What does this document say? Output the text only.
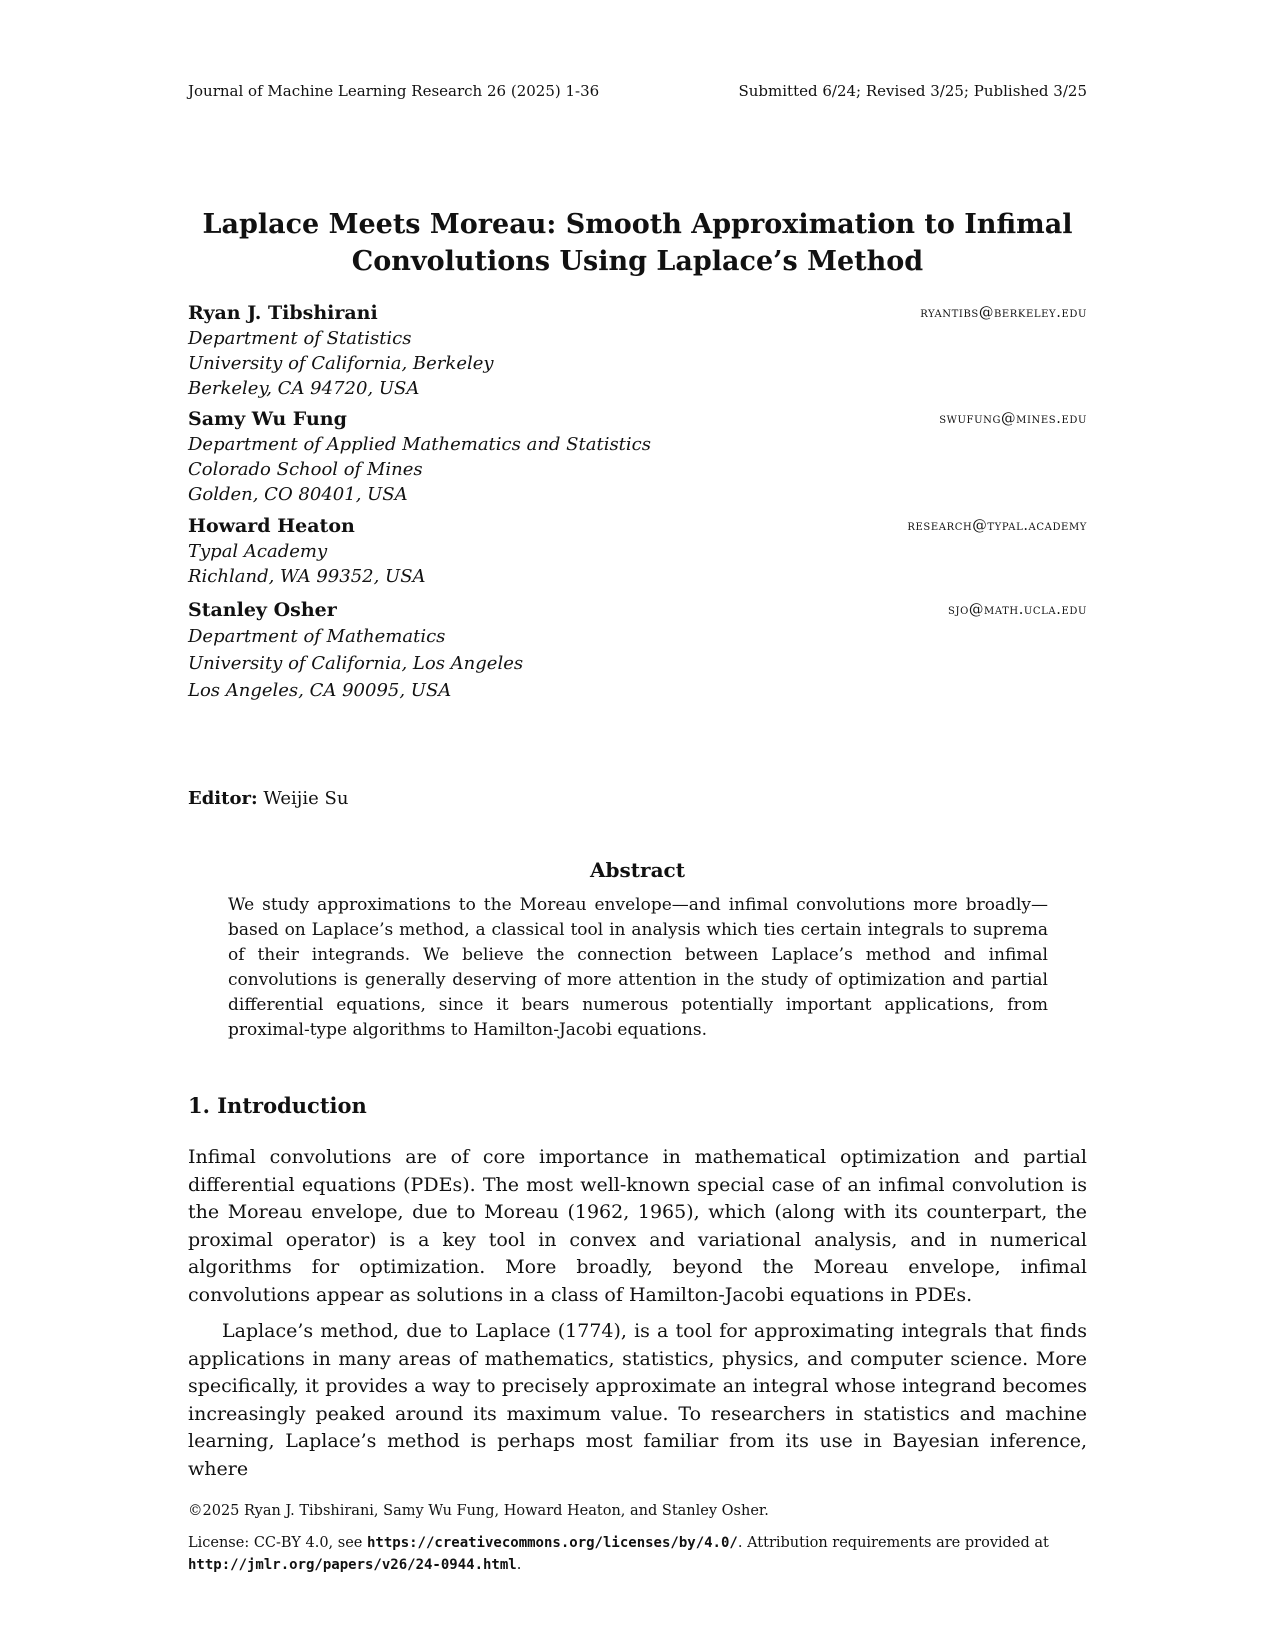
Journal of Machine Learning Research 26 (2025) 1-36	Submitted 6/24; Revised 3/25; Published 3/25
Laplace Meets Moreau: Smooth Approximation to Infimal Convolutions Using Laplace’s Method
Ryan J. Tibshirani	ryantibs@berkeley.edu
Department of Statistics
University of California, Berkeley
Berkeley, CA 94720, USA
Samy Wu Fung	swufung@mines.edu
Department of Applied Mathematics and Statistics
Colorado School of Mines
Golden, CO 80401, USA
Howard Heaton	research@typal.academy
Typal Academy
Richland, WA 99352, USA
Stanley Osher	sjo@math.ucla.edu
Department of Mathematics
University of California, Los Angeles
Los Angeles, CA 90095, USA
Editor: Weijie Su
Abstract
We study approximations to the Moreau envelope—and infimal convolutions more broadly—based on Laplace’s method, a classical tool in analysis which ties certain integrals to suprema of their integrands. We believe the connection between Laplace’s method and infimal convolutions is generally deserving of more attention in the study of optimization and partial differential equations, since it bears numerous potentially important applications, from proximal-type algorithms to Hamilton-Jacobi equations.
1. Introduction
Infimal convolutions are of core importance in mathematical optimization and partial differential equations (PDEs). The most well-known special case of an infimal convolution is the Moreau envelope, due to Moreau (1962, 1965), which (along with its counterpart, the proximal operator) is a key tool in convex and variational analysis, and in numerical algorithms for optimization. More broadly, beyond the Moreau envelope, infimal convolutions appear as solutions in a class of Hamilton-Jacobi equations in PDEs.
Laplace’s method, due to Laplace (1774), is a tool for approximating integrals that finds applications in many areas of mathematics, statistics, physics, and computer science. More specifically, it provides a way to precisely approximate an integral whose integrand becomes increasingly peaked around its maximum value. To researchers in statistics and machine learning, Laplace’s method is perhaps most familiar from its use in Bayesian inference, where
©2025 Ryan J. Tibshirani, Samy Wu Fung, Howard Heaton, and Stanley Osher.
License: CC-BY 4.0, see https://creativecommons.org/licenses/by/4.0/. Attribution requirements are provided at http://jmlr.org/papers/v26/24-0944.html.
